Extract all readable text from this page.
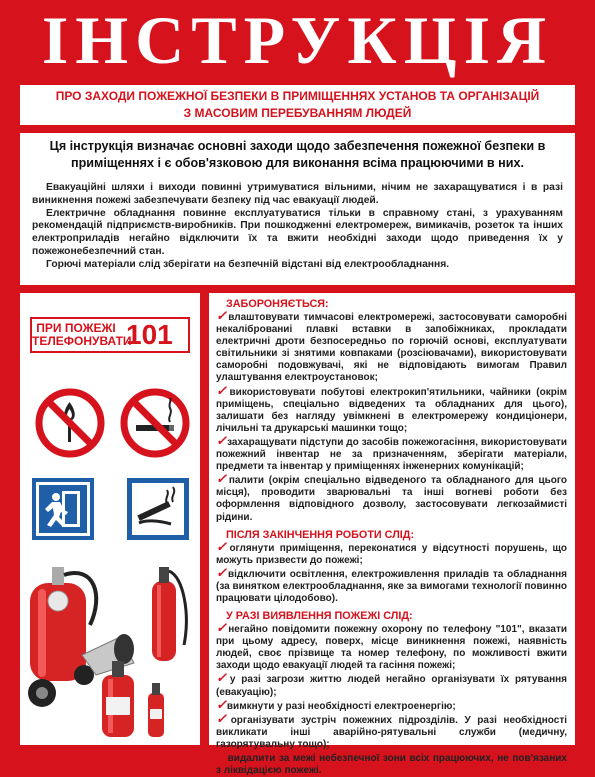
ІНСТРУКЦІЯ
ПРО ЗАХОДИ ПОЖЕЖНОЇ БЕЗПЕКИ В ПРИМІЩЕННЯХ УСТАНОВ ТА ОРГАНІЗАЦІЙ
З МАСОВИМ ПЕРЕБУВАННЯМ ЛЮДЕЙ

Ця інструкція визначає основні заходи щодо забезпечення пожежної безпеки в приміщеннях і є обов'язковою для виконання всіма працюючими в них.

Евакуаційні шляхи і виходи повинні утримуватися вільними, нічим не захаращуватися і в разі виникнення пожежі забезпечувати безпеку під час евакуації людей.

Електричне обладнання повинне експлуатуватися тільки в справному стані, з урахуванням рекомендацій підприємств-виробників. При пошкодженні електромереж, вимикачів, розеток та інших електроприладів негайно відключити їх та вжити необхідні заходи щодо приведення їх у пожежонебезпечний стан.

Горючі матеріали слід зберігати на безпечній відстані від електрообладнання.

ПРИ ПОЖЕЖІ
ТЕЛЕФОНУВАТИ
101
ЗАБОРОНЯЄТЬСЯ:

✓влаштовувати тимчасові електромережі, застосовувати саморобні некаліброваниі плавкі вставки в запобіжниках, прокладати електричні дроти безпосередньо по горючій основі, експлуатувати світильники зі знятими ковпаками (розсіювачами), використовувати саморобні подовжувачі, які не відповідають вимогам Правил улаштування електроустановок;

✓використовувати побутові електрокип'ятильники, чайники (окрім приміщень, спеціально відведених та обладнаних для цього), залишати без нагляду увімкнені в електромережу кондиціонери, лічильні та друкарські машинки тощо;

✓захаращувати підступи до засобів пожежогасіння, використовувати пожежний інвентар не за призначенням, зберігати матеріали, предмети та інвентар у приміщеннях інженерних комунікацій;

✓палити (окрім спеціально відведеного та обладнаного для цього місця), проводити зварювальні та інші вогневі роботи без оформлення відповідного дозволу, застосовувати легкозаймисті рідини.

ПІСЛЯ ЗАКІНЧЕННЯ РОБОТИ СЛІД:

✓оглянути приміщення, переконатися у відсутності порушень, що можуть призвести до пожежі;

✓відключити освітлення, електроживлення приладів та обладнання (за винятком електрообладнання, яке за вимогами технології повинно працювати цілодобово).

У РАЗІ ВИЯВЛЕННЯ ПОЖЕЖІ СЛІД:

✓негайно повідомити пожежну охорону по телефону "101", вказати при цьому адресу, поверх, місце виникнення пожежі, наявність людей, своє прізвище та номер телефону, по можливості вжити заходи щодо евакуації людей та гасіння пожежі;

✓у разі загрози життю людей негайно організувати їх рятування (евакуацію);

✓вимкнути у разі необхідності електроенергію;

✓організувати зустріч пожежних підрозділів. У разі необхідності викликати інші аварійно-рятувальні служби (медичну, газорятувальну тощо);

✓видалити за межі небезпечної зони всіх працюючих, не пов'язаних з ліквідацією пожежі.
